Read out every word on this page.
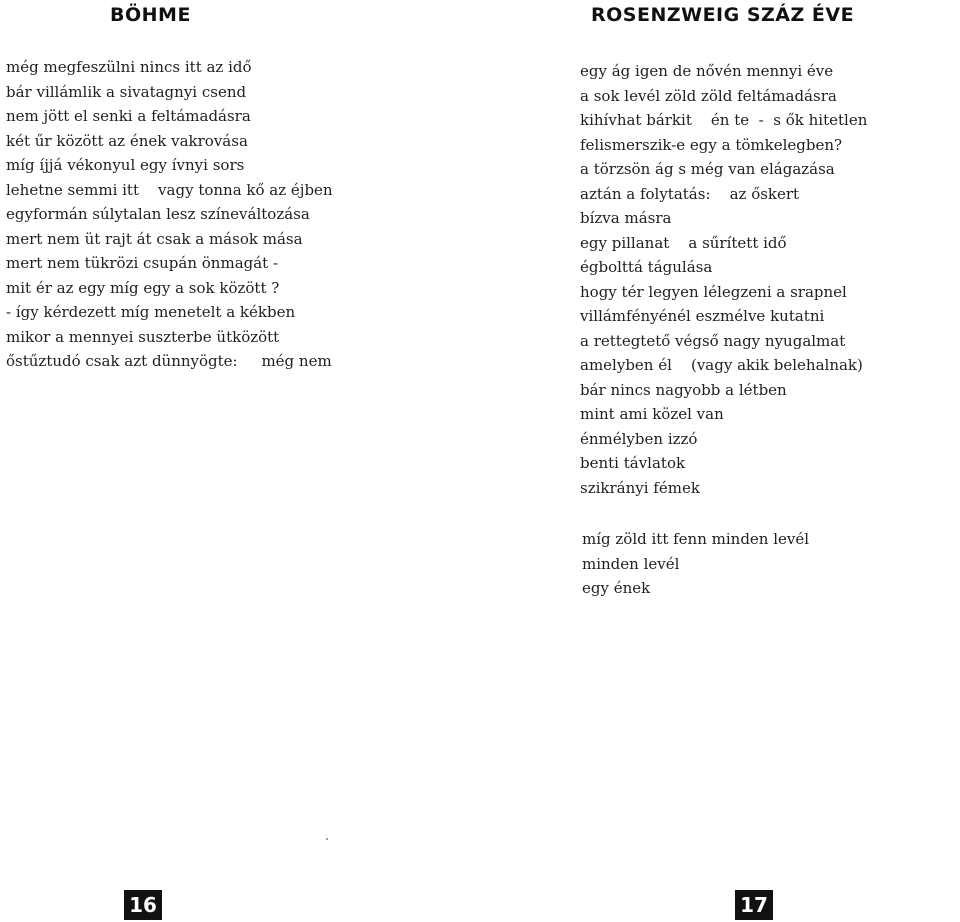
BÖHME
még megfeszülni nincs itt az idő
bár villámlik a sivatagnyi csend
nem jött el senki a feltámadásra
két űr között az ének vakrovása
míg íjjá vékonyul egy ívnyi sors
lehetne semmi itt    vagy tonna kő az éjben
egyformán súlytalan lesz színeváltozása
mert nem üt rajt át csak a mások mása
mert nem tükrözi csupán önmagát -
mit ér az egy míg egy a sok között ?
- így kérdezett míg menetelt a kékben
mikor a mennyei suszterbe ütközött
őstűztudó csak azt dünnyögte:     még nem
16
ROSENZWEIG SZÁZ ÉVE
egy ág igen de nővén mennyi éve
a sok levél zöld zöld feltámadásra
kihívhat bárkit    én te  -  s ők hitetlen
felismerszik-e egy a tömkelegben?
a törzsön ág s még van elágazása
aztán a folytatás:    az őskert
bízva másra
egy pillanat    a sűrített idő
égbolttá tágulása
hogy tér legyen lélegzeni a srapnel
villámfényénél eszmélve kutatni
a rettegtető végső nagy nyugalmat
amelyben él    (vagy akik belehalnak)
bár nincs nagyobb a létben
mint ami közel van
énmélyben izzó
benti távlatok
szikrányi fémek
míg zöld itt fenn minden levél
minden levél
egy ének
17
